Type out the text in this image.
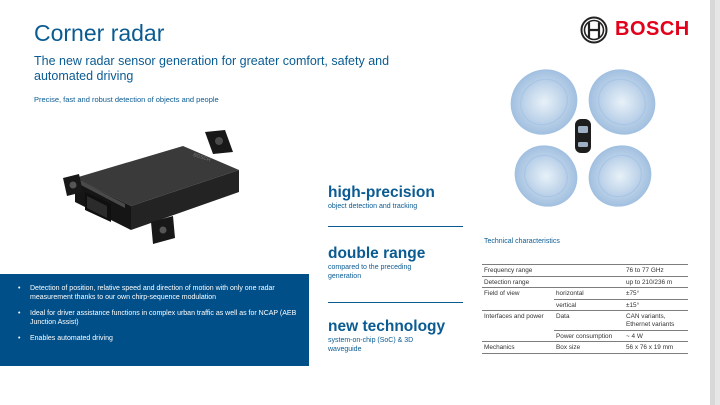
Corner radar
The new radar sensor generation for greater comfort, safety and automated driving
Precise, fast and robust detection of objects and people
BOSCH
BOSCH
• Detection of position, relative speed and direction of motion with only one radar measurement thanks to our own chirp-sequence modulation
• Ideal for driver assistance functions in complex urban traffic as well as for NCAP (AEB Junction Assist)
• Enables automated driving
high-precision

object detection and tracking

double range

compared to the preceding generation

new technology

system-on-chip (SoC) & 3D waveguide

Technical characteristics
Frequency range		76 to 77 GHz
Detection range		up to 210/236 m
Field of view	horizontal	±75°
	vertical	±15°
Interfaces and power	Data	CAN variants, Ethernet variants
	Power consumption	~ 4 W
Mechanics	Box size	56 x 76 x 19 mm
